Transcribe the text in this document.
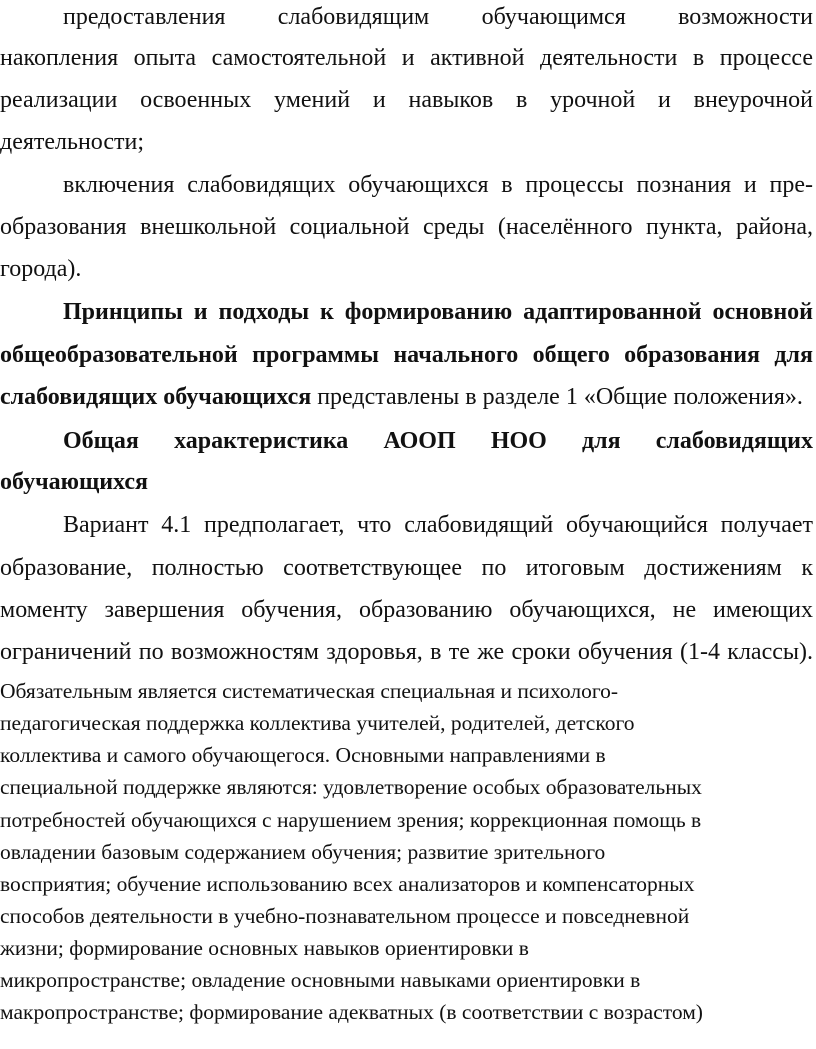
предоставления слабовидящим обучающимся возможности
накопления опыта самостоятельной и активной деятельности в процессе
реализации освоенных умений и навыков в урочной и внеурочной
деятельности;
включения слабовидящих обучающихся в процессы познания и пре-
образования внешкольной социальной среды (населённого пункта, района,
города).
Принципы и подходы к формированию адаптированной основной
общеобразовательной программы начального общего образования для
слабовидящих обучающихся представлены в разделе 1 «Общие положения».
Общая характеристика АООП НОО для слабовидящих
обучающихся
Вариант 4.1 предполагает, что слабовидящий обучающийся получает
образование, полностью соответствующее по итоговым достижениям к
моменту завершения обучения, образованию обучающихся, не имеющих
ограничений по возможностям здоровья, в те же сроки обучения (1-4 классы).
Обязательным является систематическая специальная и психолого-
педагогическая поддержка коллектива учителей, родителей, детского
коллектива и самого обучающегося. Основными направлениями в
специальной поддержке являются: удовлетворение особых образовательных
потребностей обучающихся с нарушением зрения; коррекционная помощь в
овладении базовым содержанием обучения; развитие зрительного
восприятия; обучение использованию всех анализаторов и компенсаторных
способов деятельности в учебно-познавательном процессе и повседневной
жизни; формирование основных навыков ориентировки в
микропространстве; овладение основными навыками ориентировки в
макропространстве; формирование адекватных (в соответствии с возрастом)
